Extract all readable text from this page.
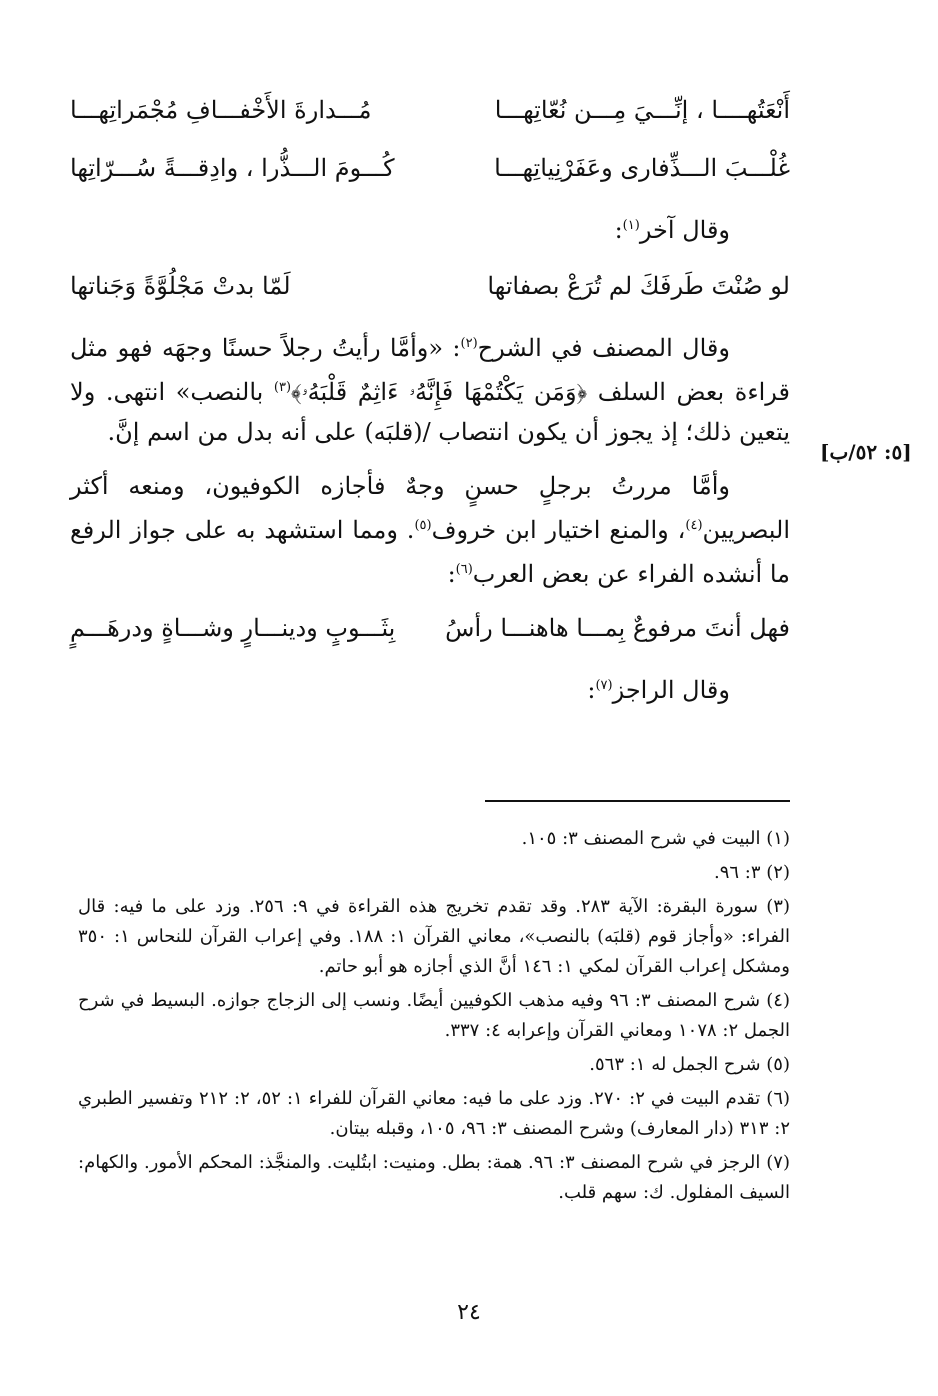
أَنْعَتُهــــا ، إنِّـــيَ مِـــن نُعّاتِهـــا
مُـــدارةَ الأَخْفـــافِ مُجْمَراتِهـــا
غُلْـــبَ الـــذِّفارى وعَفَرْنِياتِهـــا
كُـــومَ الـــذُّرا ، وادِقـــةً سُـــرّاتِها
وقال آخر$^{(١)}$:
لو صُنْتَ طَرفَكَ لم تُرَعْ بصفاتها
لَمّا بدتْ مَجْلُوَّةً وَجَناتها

وقال المصنف في الشرح$^{(٢)}$: «وأمَّا رأيتُ رجلاً حسنًا وجهَه فهو مثل قراءة بعض السلف ﴿وَمَن يَكْتُمْهَا فَإِنَّهُۥ ءَاثِمٌ قَلْبَهُۥ﴾$^{(٣)}$ بالنصب» انتهى. ولا يتعين ذلك؛ إذ يجوز أن يكون انتصاب /(قلبَه) على أنه بدل من اسم إنَّ.

وأمَّا مررتُ برجلٍ حسنٍ وجهٌ فأجازه الكوفيون، ومنعه أكثر البصريين$^{(٤)}$، والمنع اختيار ابن خروف$^{(٥)}$. ومما استشهد به على جواز الرفع ما أنشده الفراء عن بعض العرب$^{(٦)}$:

فهل أنتَ مرفوعٌ بِمـــا هاهنـــا رأسُ
بِثَـــوبٍ ودينـــارٍ وشـــاةٍ ودرهَـــمٍ
وقال الراجز$^{(٧)}$:
[٥: ٥٢/ب]
(١) البيت في شرح المصنف ٣: ١٠٥.
(٢) ٣: ٩٦.
(٣) سورة البقرة: الآية ٢٨٣. وقد تقدم تخريج هذه القراءة في ٩: ٢٥٦. وزد على ما فيه: قال الفراء: «وأجاز قوم (قلبَه) بالنصب»، معاني القرآن ١: ١٨٨. وفي إعراب القرآن للنحاس ١: ٣٥٠ ومشكل إعراب القرآن لمكي ١: ١٤٦ أنَّ الذي أجازه هو أبو حاتم.
(٤) شرح المصنف ٣: ٩٦ وفيه مذهب الكوفيين أيضًا. ونسب إلى الزجاج جوازه. البسيط في شرح الجمل ٢: ١٠٧٨ ومعاني القرآن وإعرابه ٤: ٣٣٧.
(٥) شرح الجمل له ١: ٥٦٣.
(٦) تقدم البيت في ٢: ٢٧٠. وزد على ما فيه: معاني القرآن للفراء ١: ٥٢، ٢: ٢١٢ وتفسير الطبري ٢: ٣١٣ (دار المعارف) وشرح المصنف ٣: ٩٦، ١٠٥، وقبله بيتان.
(٧) الرجز في شرح المصنف ٣: ٩٦. همة: بطل. ومنيت: ابتُليت. والمنجَّذ: المحكم الأمور. والكهام: السيف المفلول. ك: سهم قلب.
٢٤
